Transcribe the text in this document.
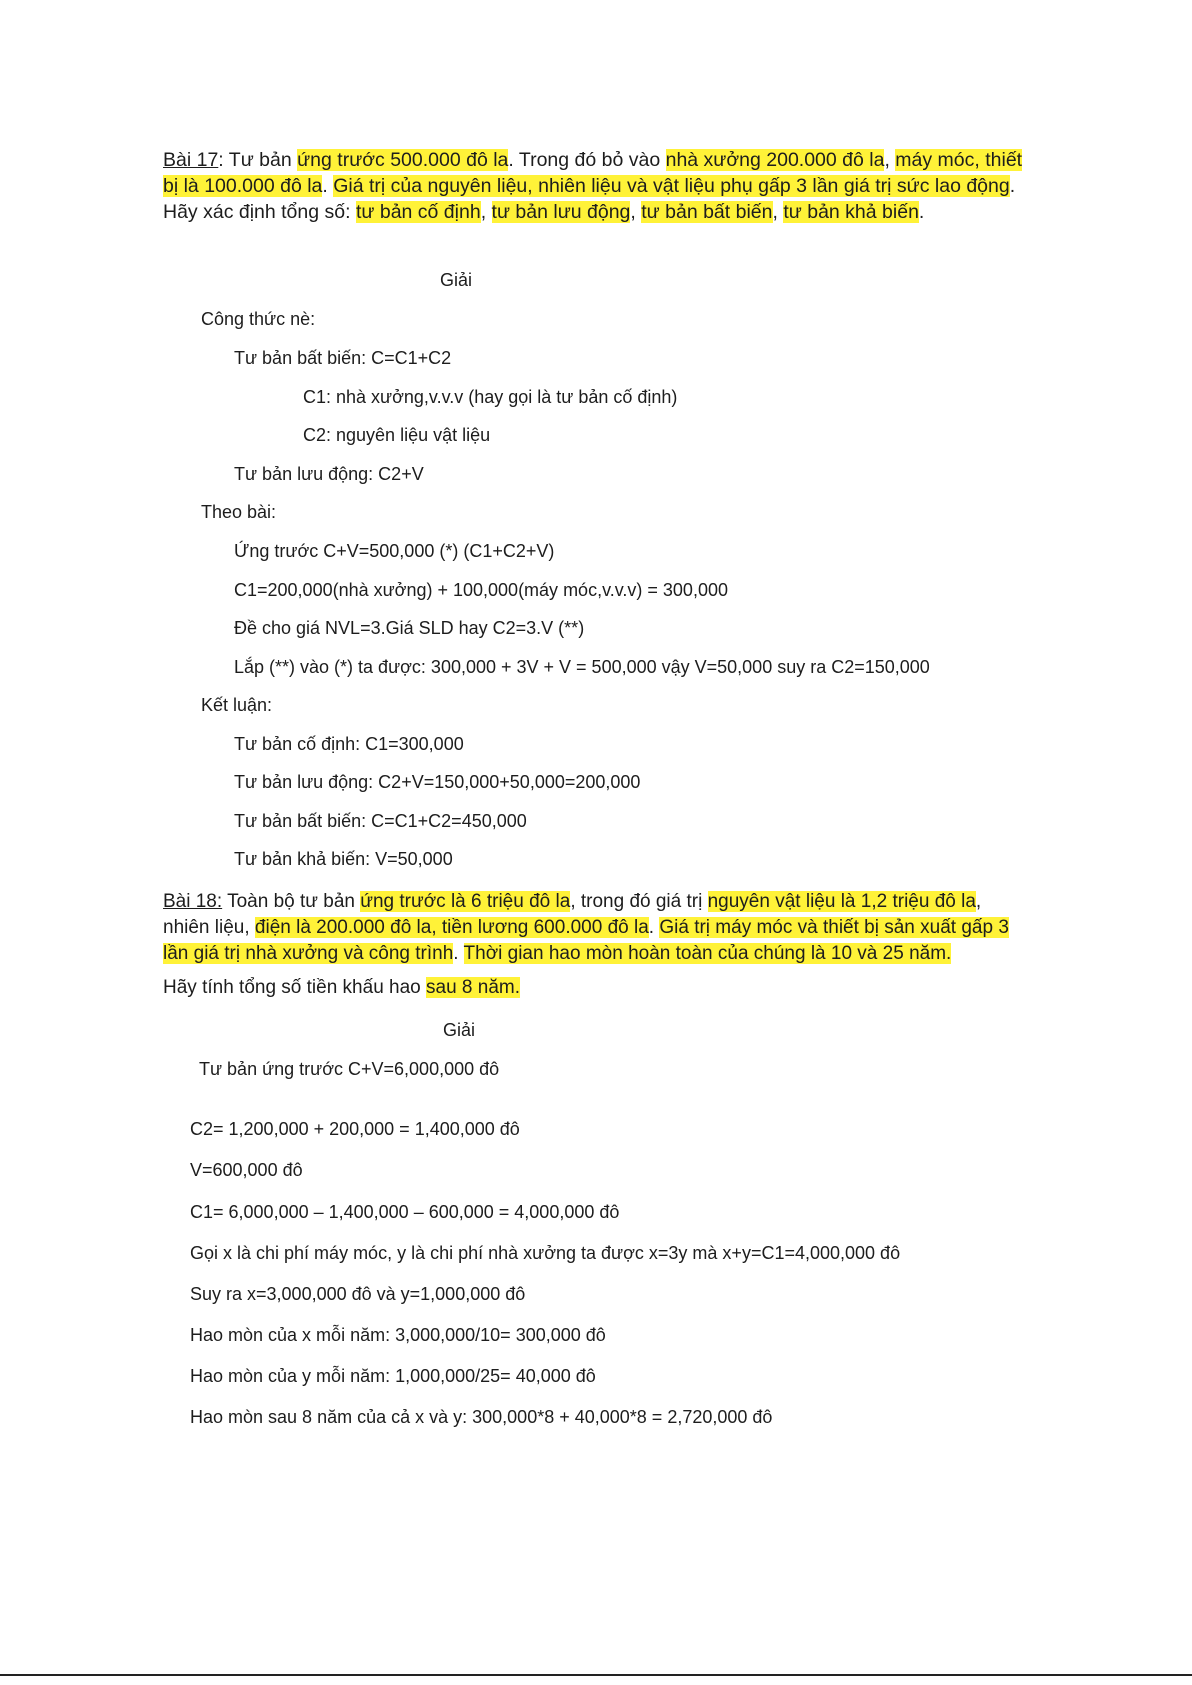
Bài 17: Tư bản ứng trước 500.000 đô la. Trong đó bỏ vào nhà xưởng 200.000 đô la, máy móc, thiết bị là 100.000 đô la. Giá trị của nguyên liệu, nhiên liệu và vật liệu phụ gấp 3 lần giá trị sức lao động. Hãy xác định tổng số: tư bản cố định, tư bản lưu động, tư bản bất biến, tư bản khả biến.
Giải
Công thức nè:
Tư bản bất biến: C=C1+C2
C1: nhà xưởng,v.v.v (hay gọi là tư bản cố định)
C2: nguyên liệu vật liệu
Tư bản lưu động: C2+V
Theo bài:
Ứng trước C+V=500,000 (*) (C1+C2+V)
C1=200,000(nhà xưởng) + 100,000(máy móc,v.v.v) = 300,000
Đề cho giá NVL=3.Giá SLD hay C2=3.V (**)
Lắp (**) vào (*) ta được: 300,000 + 3V + V = 500,000 vậy V=50,000 suy ra C2=150,000
Kết luận:
Tư bản cố định: C1=300,000
Tư bản lưu động: C2+V=150,000+50,000=200,000
Tư bản bất biến: C=C1+C2=450,000
Tư bản khả biến: V=50,000
Bài 18: Toàn bộ tư bản ứng trước là 6 triệu đô la, trong đó giá trị nguyên vật liệu là 1,2 triệu đô la, nhiên liệu, điện là 200.000 đô la, tiền lương 600.000 đô la. Giá trị máy móc và thiết bị sản xuất gấp 3 lần giá trị nhà xưởng và công trình. Thời gian hao mòn hoàn toàn của chúng là 10 và 25 năm.
Hãy tính tổng số tiền khấu hao sau 8 năm.
Giải
Tư bản ứng trước C+V=6,000,000 đô
C2= 1,200,000 + 200,000 = 1,400,000 đô
V=600,000 đô
C1= 6,000,000 – 1,400,000 – 600,000 = 4,000,000 đô
Gọi x là chi phí máy móc, y là chi phí nhà xưởng ta được x=3y mà x+y=C1=4,000,000 đô
Suy ra x=3,000,000 đô và y=1,000,000 đô
Hao mòn của x mỗi năm: 3,000,000/10= 300,000 đô
Hao mòn của y mỗi năm: 1,000,000/25= 40,000 đô
Hao mòn sau 8 năm của cả x và y: 300,000*8 + 40,000*8 = 2,720,000 đô
